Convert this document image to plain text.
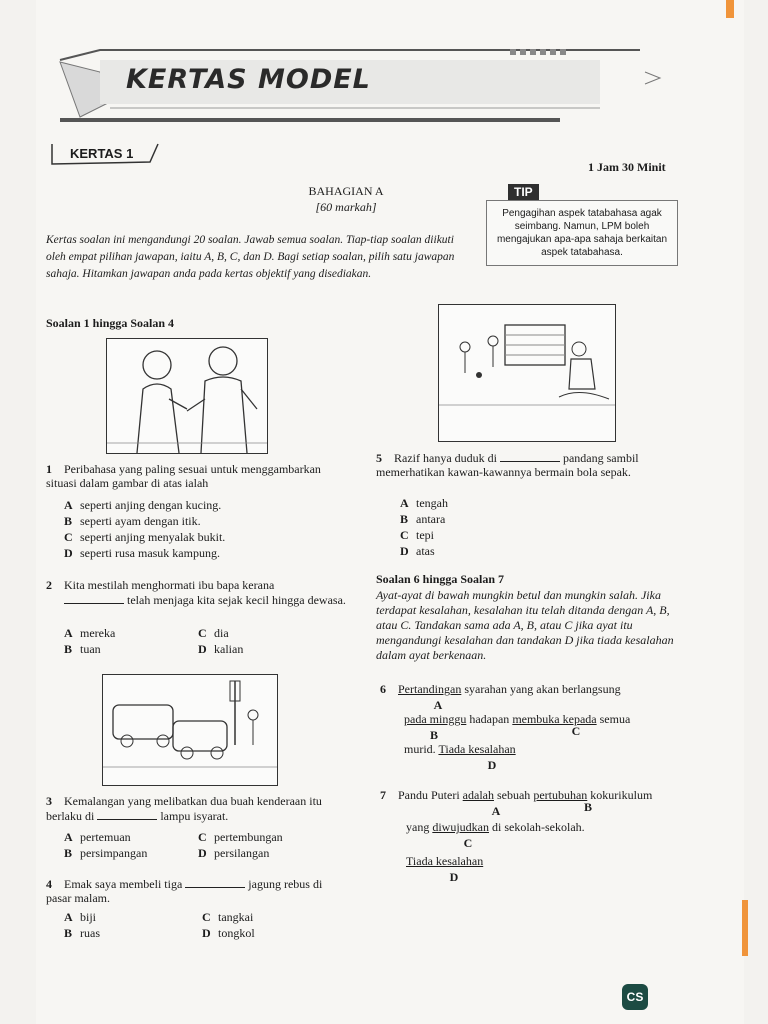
KERTAS MODEL
KERTAS 1
1 Jam 30 Minit
BAHAGIAN A
[60 markah]
Kertas soalan ini mengandungi 20 soalan. Jawab semua soalan. Tiap-tiap soalan diikuti oleh empat pilihan jawapan, iaitu A, B, C, dan D. Bagi setiap soalan, pilih satu jawapan sahaja. Hitamkan jawapan anda pada kertas objektif yang disediakan.
TIP
Pengagihan aspek tatabahasa agak seimbang. Namun, LPM boleh mengajukan apa-apa sahaja berkaitan aspek tatabahasa.
Soalan 1 hingga Soalan 4
1 Peribahasa yang paling sesuai untuk menggambarkan situasi dalam gambar di atas ialah
A seperti anjing dengan kucing.
B seperti ayam dengan itik.
C seperti anjing menyalak bukit.
D seperti rusa masuk kampung.
2 Kita mestilah menghormati ibu bapa kerana
telah menjaga kita sejak kecil hingga dewasa.
A mereka
B tuan
C dia
D kalian
3 Kemalangan yang melibatkan dua buah kenderaan itu berlaku di	lampu isyarat.
A pertemuan
B persimpangan
C pertembungan
D persilangan
4 Emak saya membeli tiga	jagung rebus di pasar malam.
A biji
B ruas
C tangkai
D tongkol
5 Razif hanya duduk di	pandang sambil memerhatikan kawan-kawannya bermain bola sepak.
A tengah
B antara
C tepi
D atas
Soalan 6 hingga Soalan 7
Ayat-ayat di bawah mungkin betul dan mungkin salah. Jika terdapat kesalahan, kesalahan itu telah ditanda dengan A, B, atau C. Tandakan sama ada A, B, atau C jika ayat itu mengandungi kesalahan dan tandakan D jika tiada kesalahan dalam ayat berkenaan.
6 Pertandingan syarahan yang akan berlangsung
A
pada minggu hadapan membuka kepada semua
B	C
murid. Tiada kesalahan
D
7 Pandu Puteri adalah sebuah pertubuhan kokurikulum
A	B
yang diwujudkan di sekolah-sekolah.
C
Tiada kesalahan
D
CS
